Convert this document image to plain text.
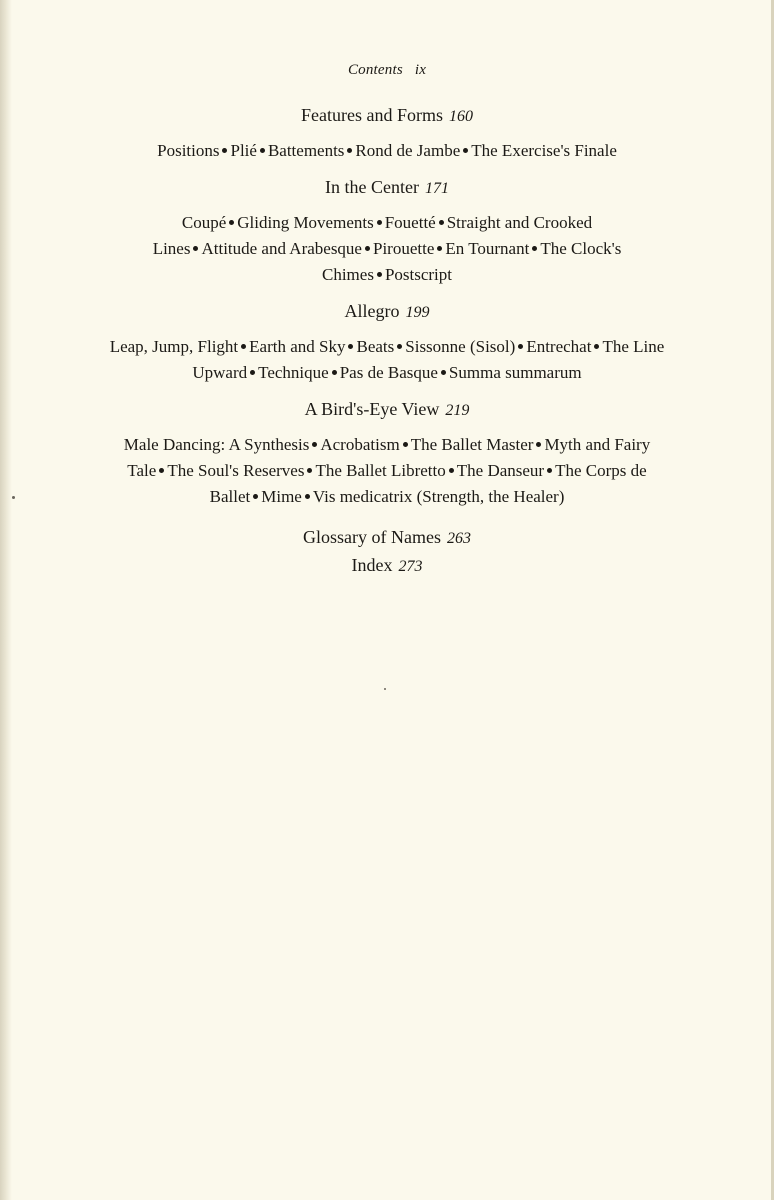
Contents ix
Features and Forms 160
Positions Plié Battements Rond de Jambe The Exercise's Finale
In the Center 171
Coupé Gliding Movements Fouetté Straight and Crooked
Lines Attitude and Arabesque Pirouette En Tournant The Clock's
Chimes Postscript
Allegro 199
Leap, Jump, Flight Earth and Sky Beats Sissonne (Sisol) Entrechat The Line
Upward Technique Pas de Basque Summa summarum
A Bird's-Eye View 219
Male Dancing: A Synthesis Acrobatism The Ballet Master Myth and Fairy
Tale The Soul's Reserves The Ballet Libretto The Danseur The Corps de
Ballet Mime Vis medicatrix (Strength, the Healer)
Glossary of Names 263
Index 273
